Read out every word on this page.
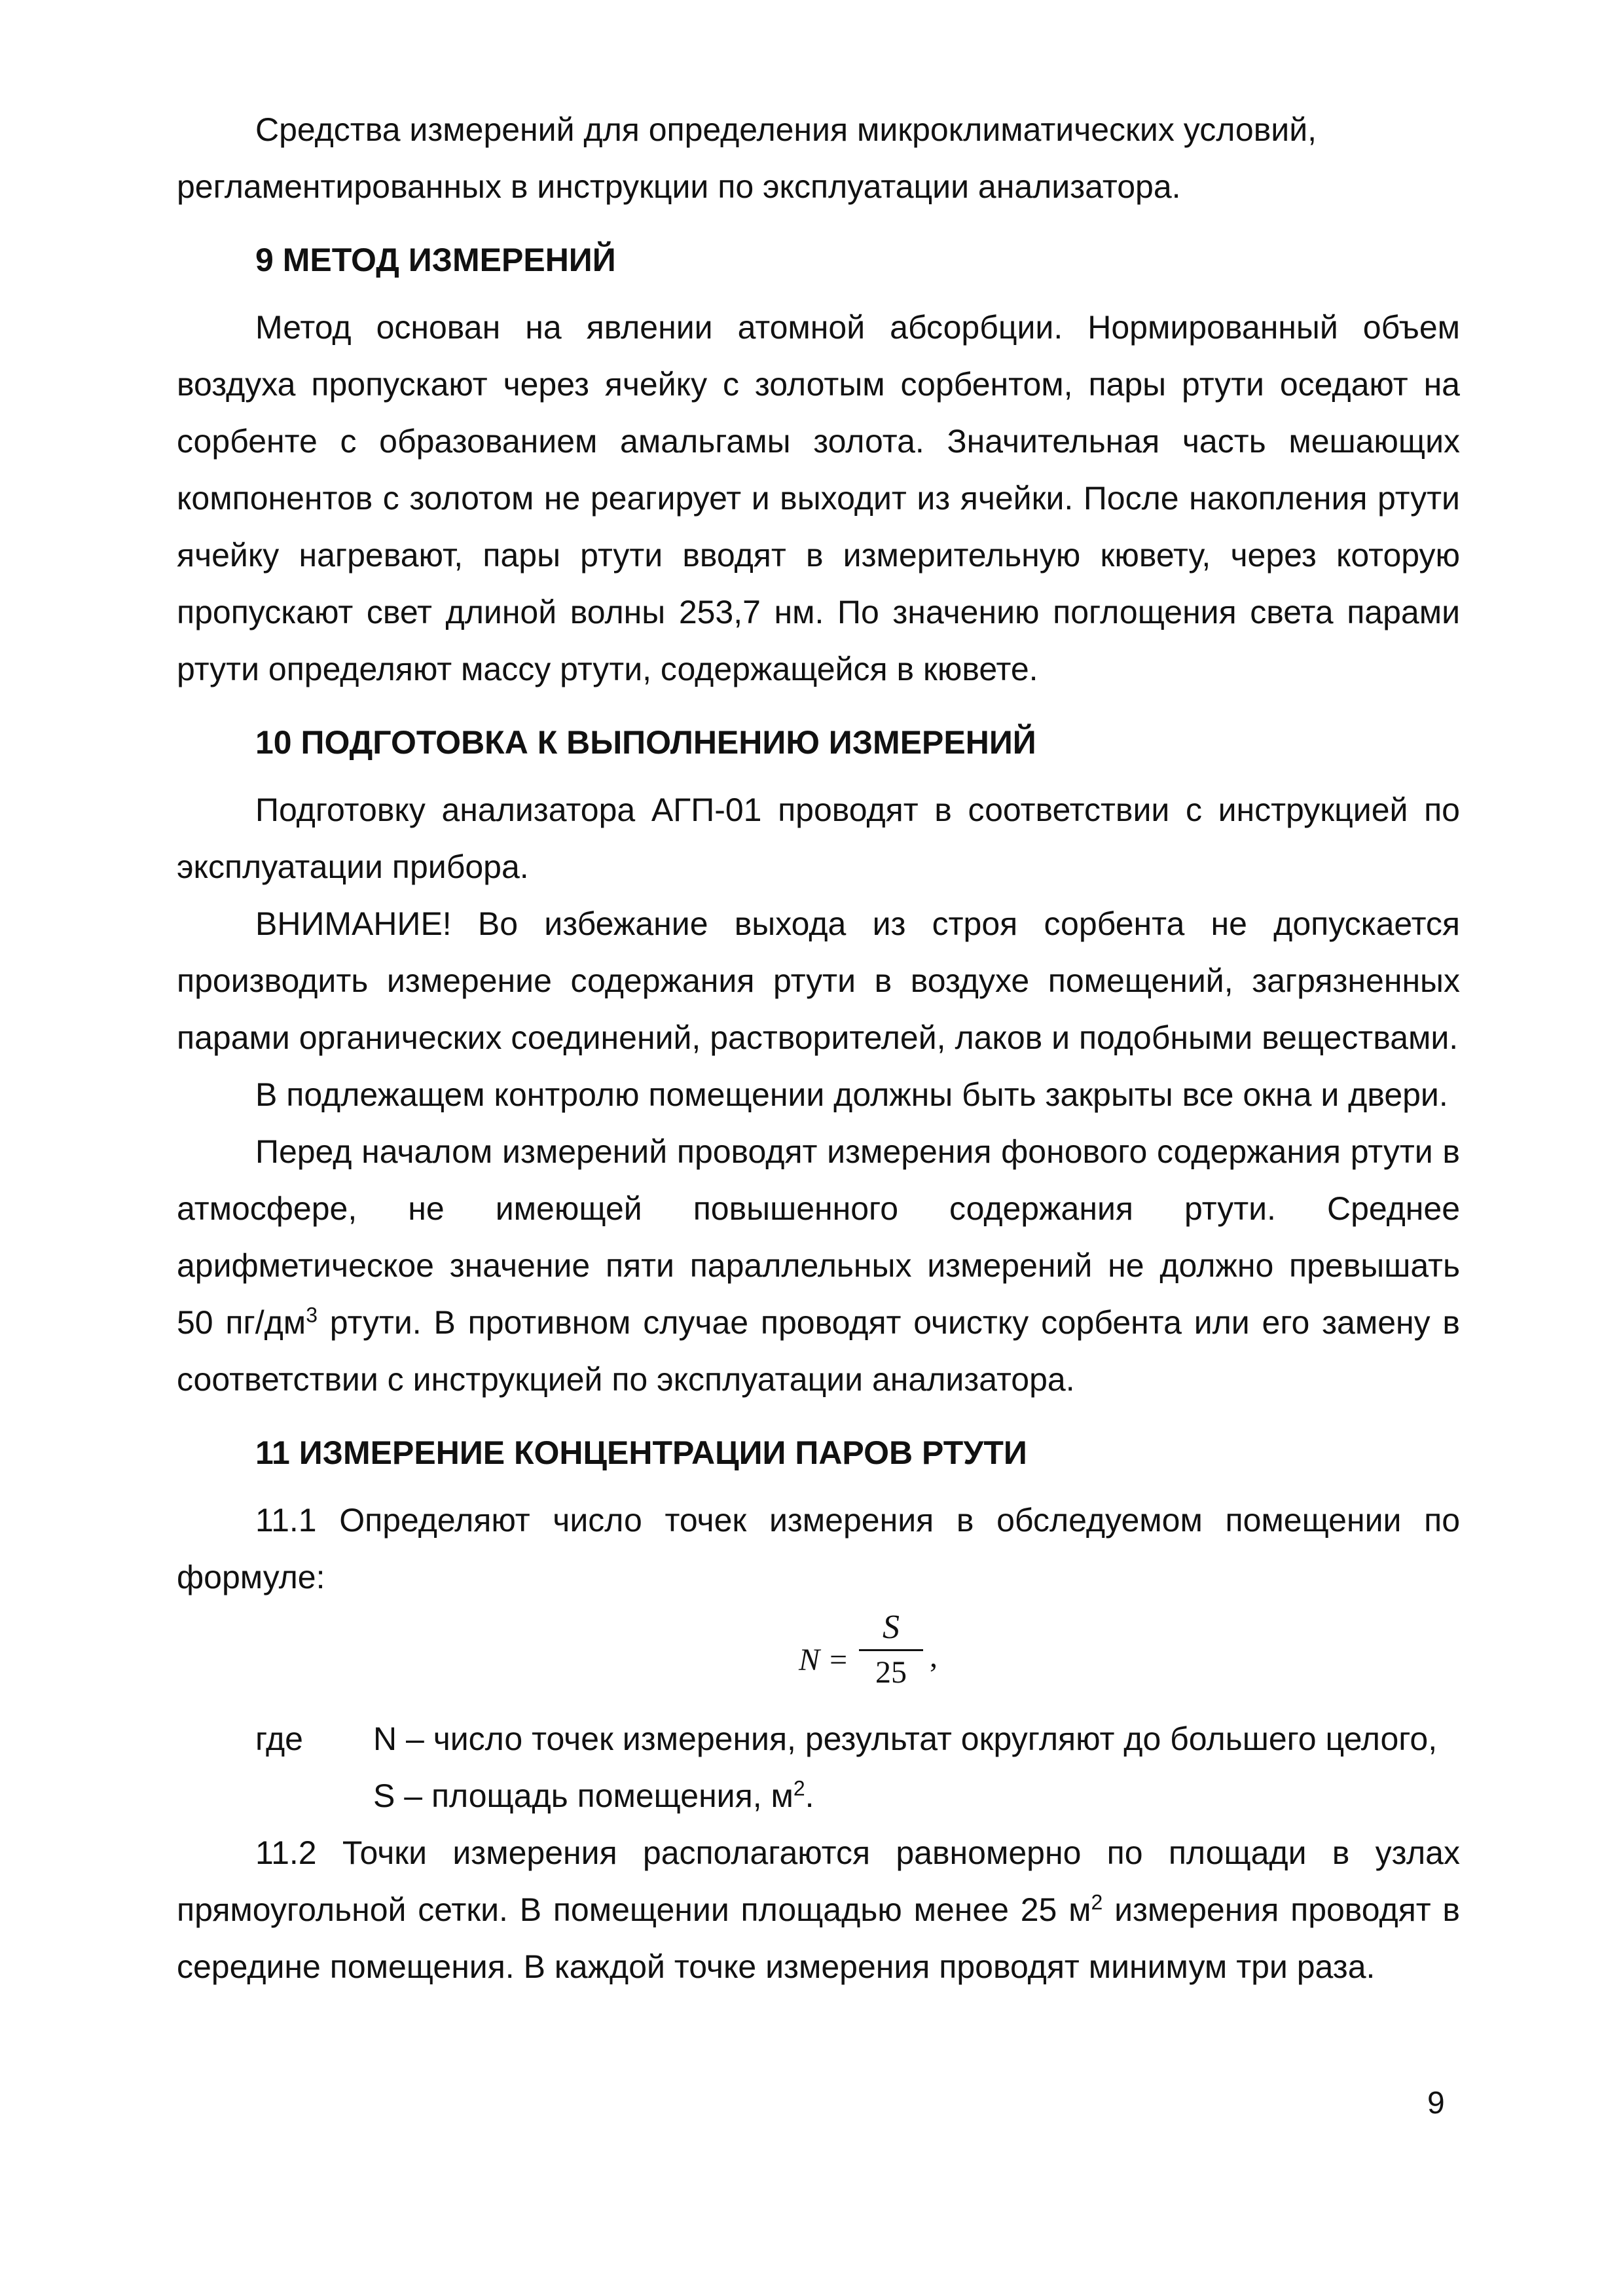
Средства измерений для определения микроклиматических условий,

регламентированных в инструкции по эксплуатации анализатора.

9 МЕТОД ИЗМЕРЕНИЙ

Метод основан на явлении атомной абсорбции. Нормированный объем воздуха пропускают через ячейку с золотым сорбентом, пары ртути оседают на сорбенте с образованием амальгамы золота. Значительная часть мешающих компонентов с золотом не реагирует и выходит из ячейки. После накопления ртути ячейку нагревают, пары ртути вводят в измерительную кювету, через которую пропускают свет длиной волны 253,7 нм. По значению поглощения света парами ртути определяют массу ртути, содержащейся в кювете.

10 ПОДГОТОВКА К ВЫПОЛНЕНИЮ ИЗМЕРЕНИЙ

Подготовку анализатора АГП-01 проводят в соответствии с инструкцией по эксплуатации прибора.

ВНИМАНИЕ! Во избежание выхода из строя сорбента не допускается производить измерение содержания ртути в воздухе помещений, загрязненных парами органических соединений, растворителей, лаков и подобными веществами.

В подлежащем контролю помещении должны быть закрыты все окна и двери.

Перед началом измерений проводят измерения фонового содержания ртути в атмосфере, не имеющей повышенного содержания ртути. Среднее арифметическое значение пяти параллельных измерений не должно превышать 50 $пг/дм^3$ ртути. В противном случае проводят очистку сорбента или его замену в соответствии с инструкцией по эксплуатации анализатора.

11 ИЗМЕРЕНИЕ КОНЦЕНТРАЦИИ ПАРОВ РТУТИ

11.1 Определяют число точек измерения в обследуемом помещении по формуле:

N =
S
25 ,
где N – число точек измерения, результат округляют до большего целого,
S – площадь помещения, $м^2$.

11.2 Точки измерения располагаются равномерно по площади в узлах прямоугольной сетки. В помещении площадью менее 25 $м^2$ измерения проводят в середине помещения. В каждой точке измерения проводят минимум три раза.

9
